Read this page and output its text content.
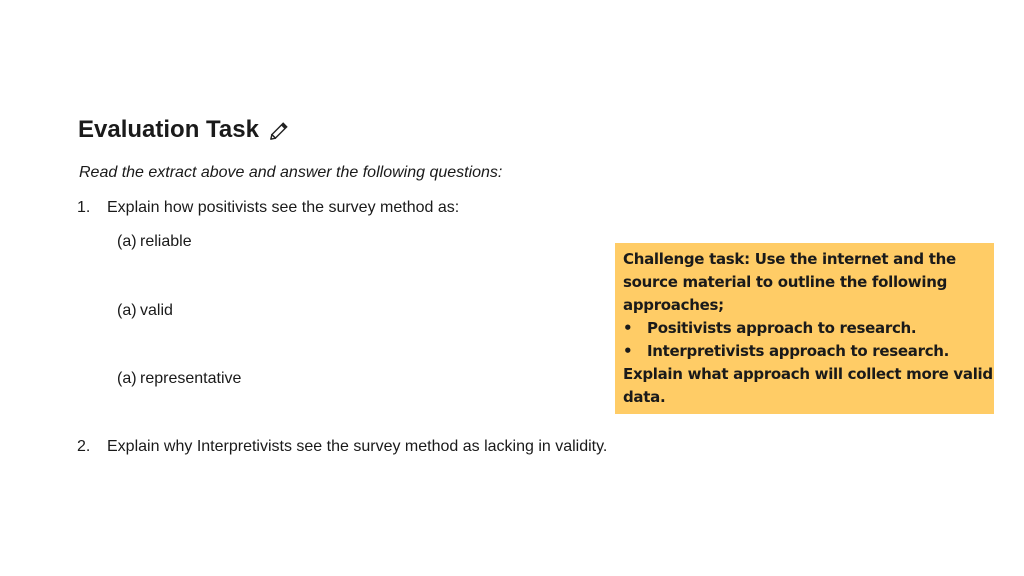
Evaluation Task
Read the extract above and answer the following questions:
1. Explain how positivists see the survey method as:
(a) reliable
(a) valid
(a) representative
2. Explain why Interpretivists see the survey method as lacking in validity.
Challenge task: Use the internet and the
source material to outline the following
approaches;
• Positivists approach to research.
• Interpretivists approach to research.
Explain what approach will collect more valid
data.
